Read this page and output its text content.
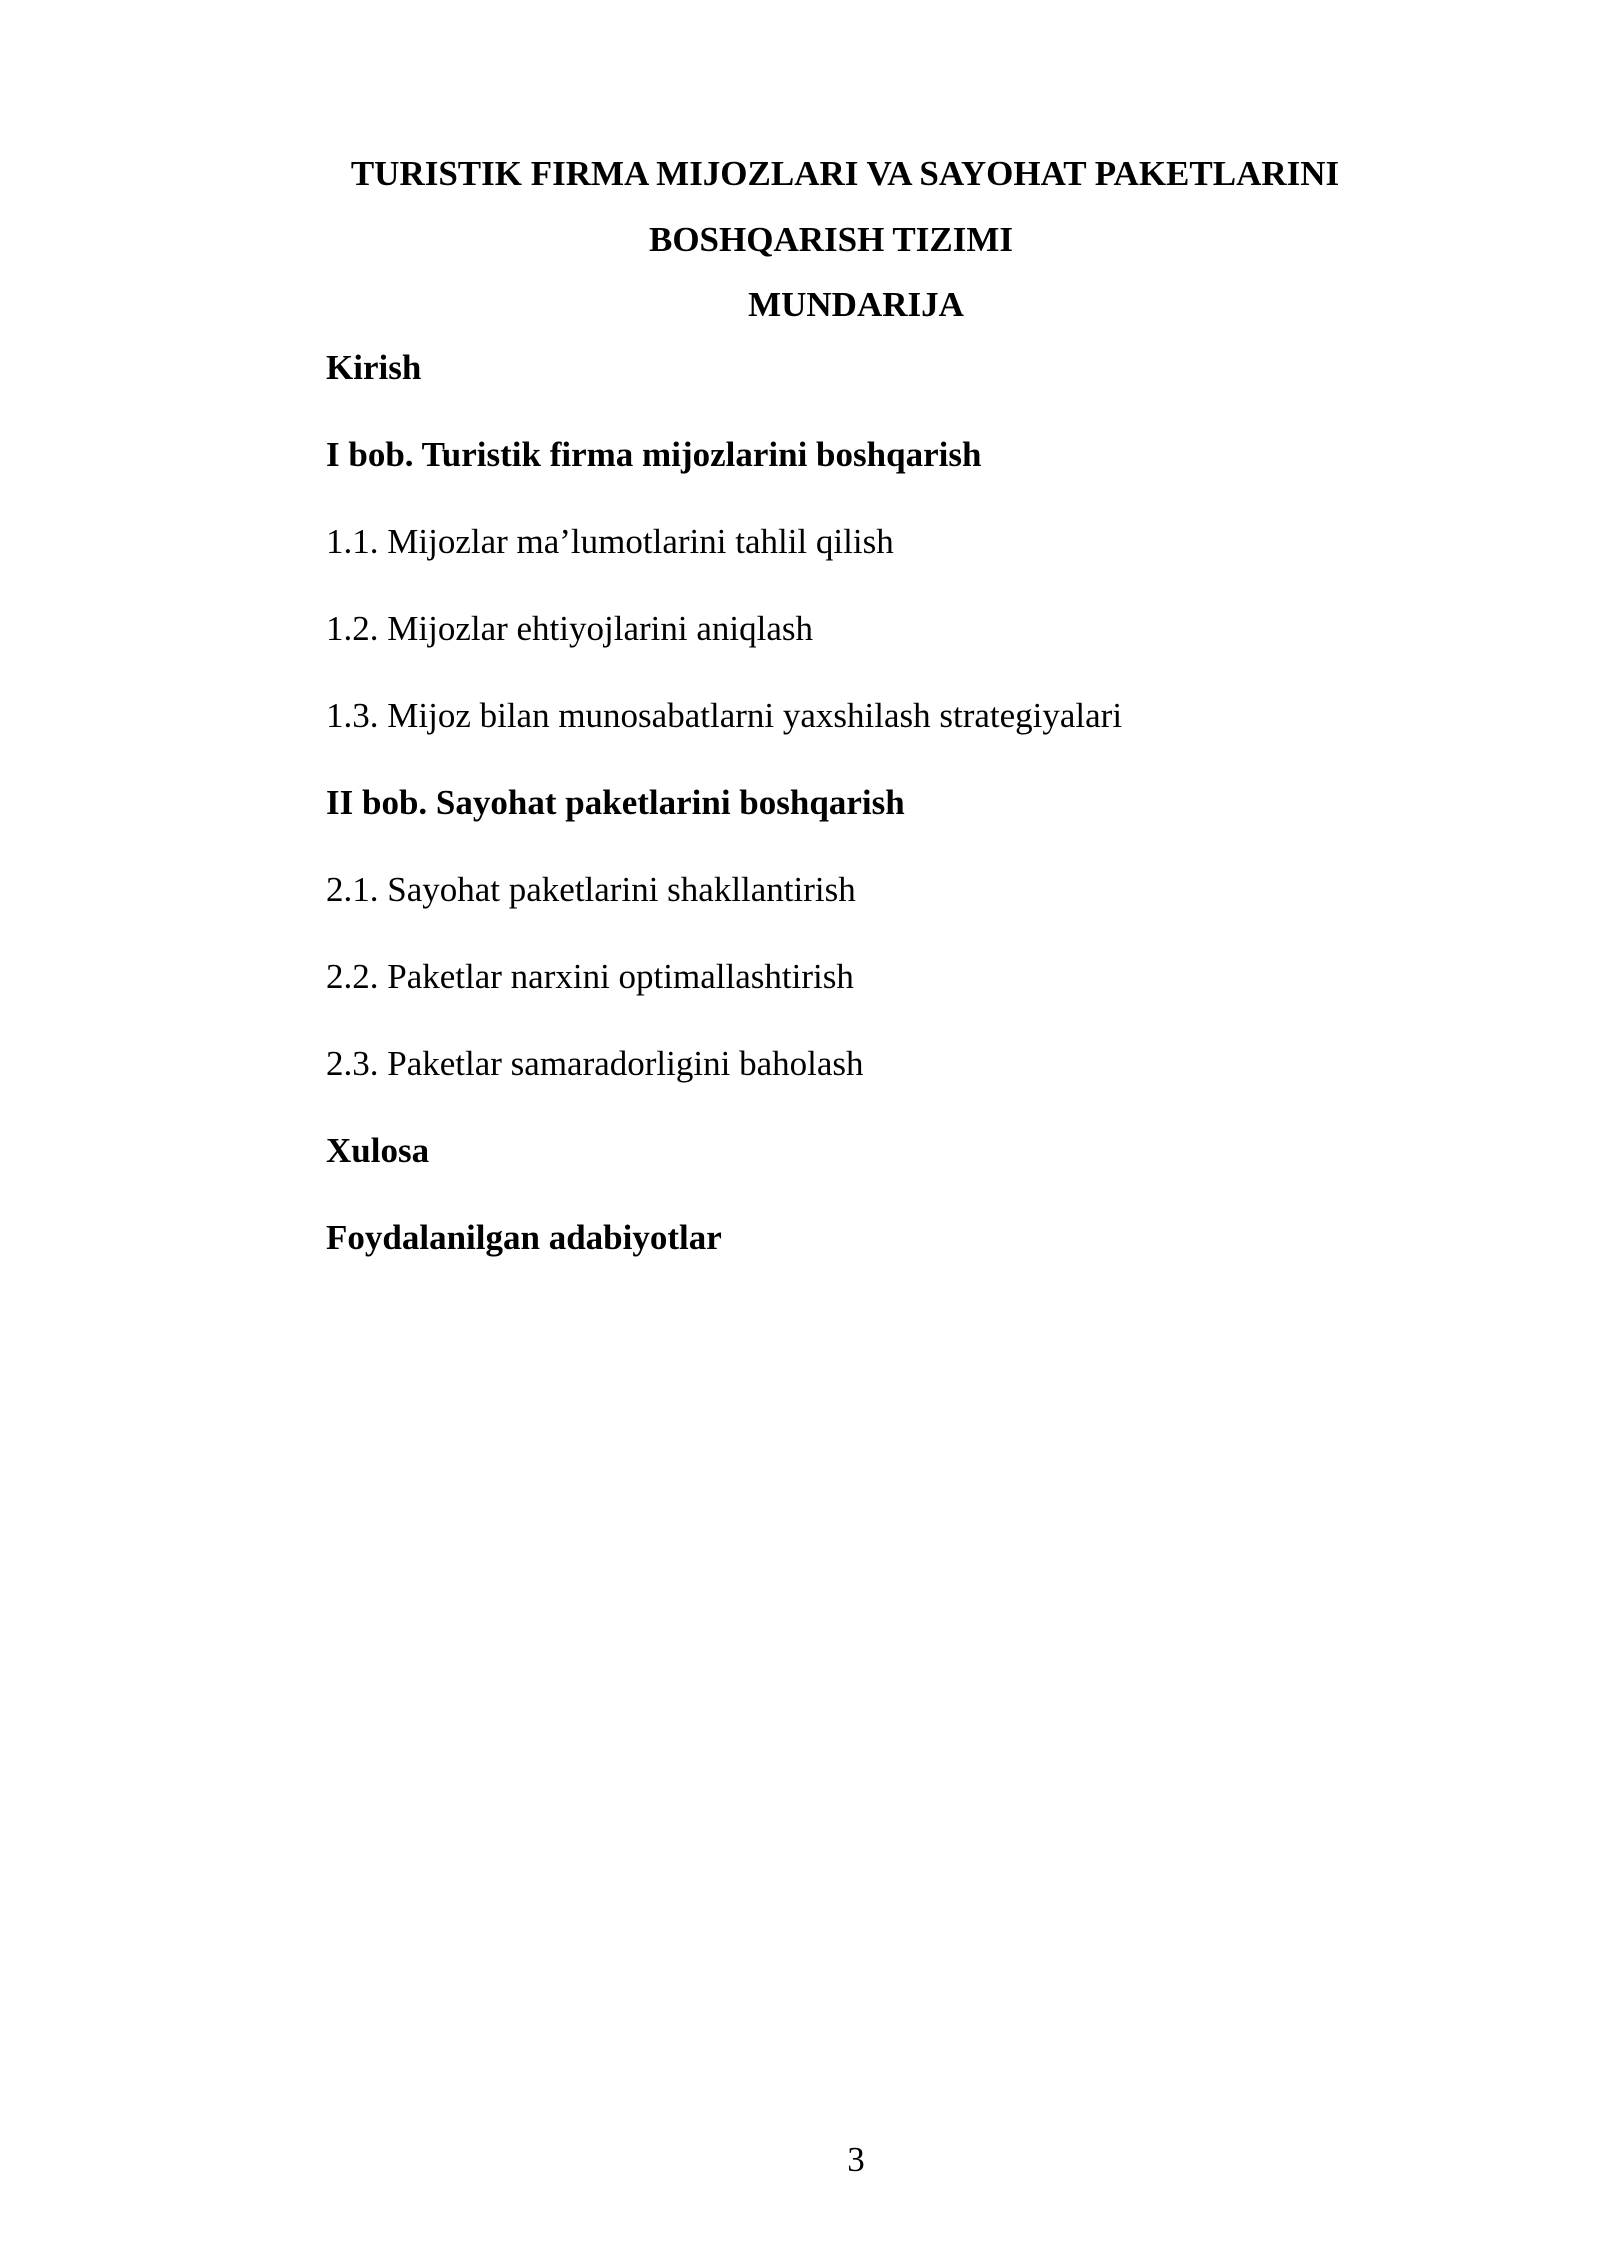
TURISTIK FIRMA MIJOZLARI VA SAYOHAT PAKETLARINI
BOSHQARISH TIZIMI
MUNDARIJA
Kirish
I bob. Turistik firma mijozlarini boshqarish
1.1. Mijozlar ma’lumotlarini tahlil qilish
1.2. Mijozlar ehtiyojlarini aniqlash
1.3. Mijoz bilan munosabatlarni yaxshilash strategiyalari
II bob. Sayohat paketlarini boshqarish
2.1. Sayohat paketlarini shakllantirish
2.2. Paketlar narxini optimallashtirish
2.3. Paketlar samaradorligini baholash
Xulosa
Foydalanilgan adabiyotlar
3
